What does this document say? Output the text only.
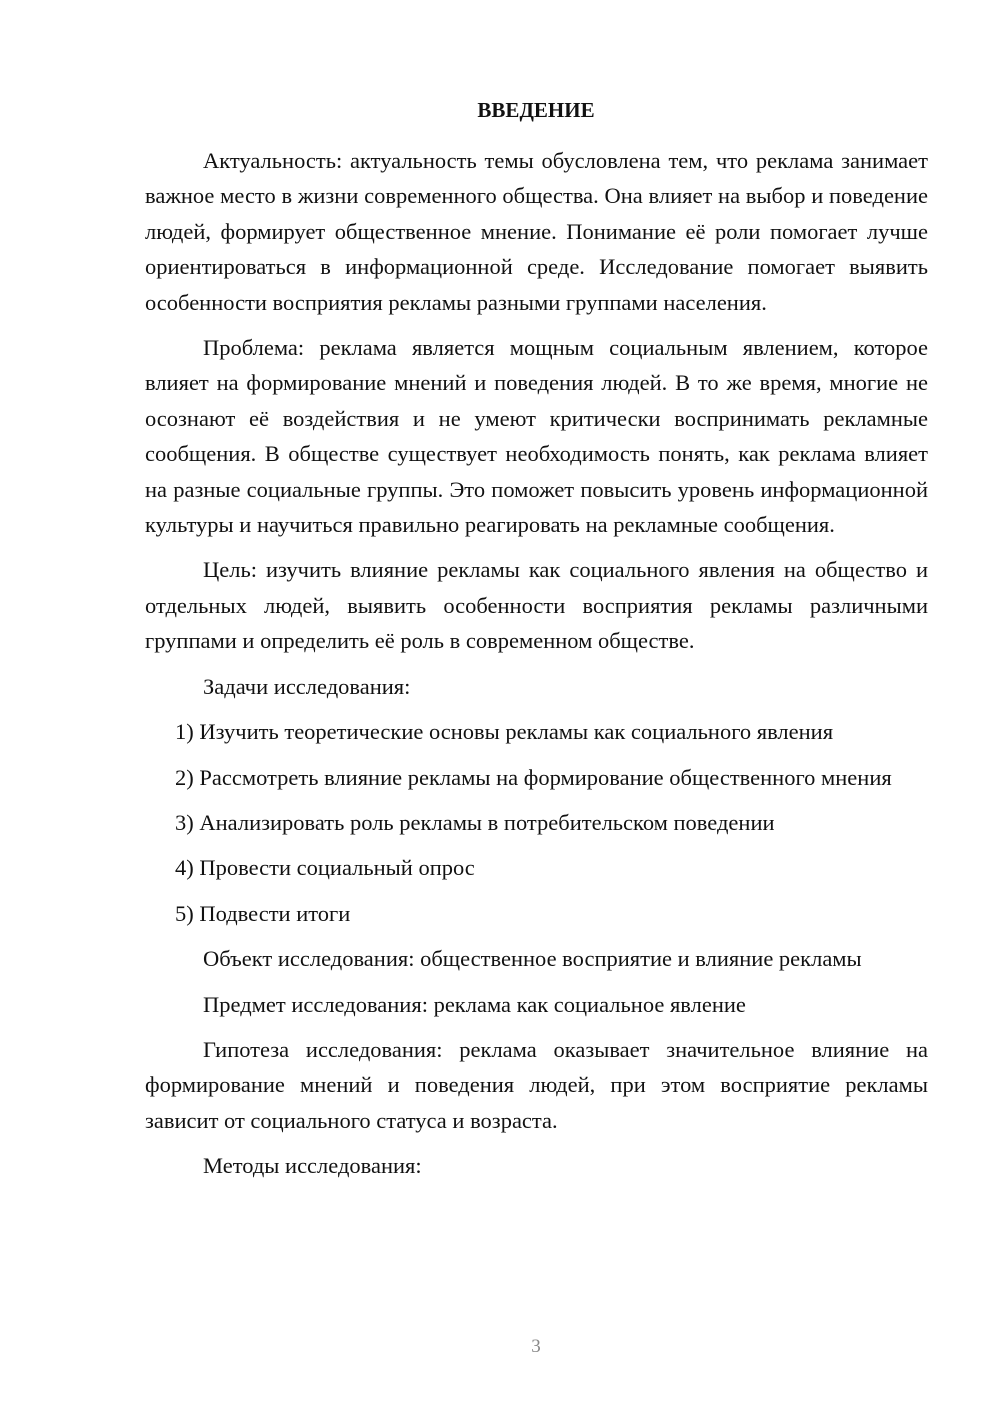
ВВЕДЕНИЕ

Актуальность: актуальность темы обусловлена тем, что реклама занимает важное место в жизни современного общества. Она влияет на выбор и поведение людей, формирует общественное мнение. Понимание её роли помогает лучше ориентироваться в информационной среде. Исследование помогает выявить особенности восприятия рекламы разными группами населения.

Проблема: реклама является мощным социальным явлением, которое влияет на формирование мнений и поведения людей. В то же время, многие не осознают её воздействия и не умеют критически воспринимать рекламные сообщения. В обществе существует необходимость понять, как реклама влияет на разные социальные группы. Это поможет повысить уровень информационной культуры и научиться правильно реагировать на рекламные сообщения.

Цель: изучить влияние рекламы как социального явления на общество и отдельных людей, выявить особенности восприятия рекламы различными группами и определить её роль в современном обществе.

Задачи исследования:

1) Изучить теоретические основы рекламы как социального явления

2) Рассмотреть влияние рекламы на формирование общественного мнения

3) Анализировать роль рекламы в потребительском поведении

4) Провести социальный опрос

5) Подвести итоги

Объект исследования: общественное восприятие и влияние рекламы

Предмет исследования: реклама как социальное явление

Гипотеза исследования: реклама оказывает значительное влияние на формирование мнений и поведения людей, при этом восприятие рекламы зависит от социального статуса и возраста.

Методы исследования:

3
